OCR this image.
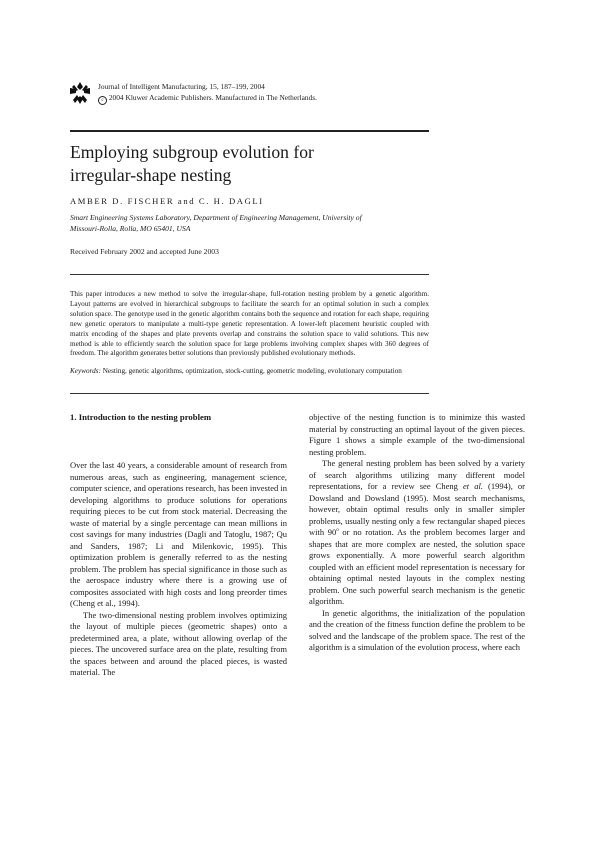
Journal of Intelligent Manufacturing, 15, 187–199, 2004
c 2004 Kluwer Academic Publishers. Manufactured in The Netherlands.
Employing subgroup evolution for
irregular-shape nesting
AMBER D. FISCHER and C. H. DAGLI
Smart Engineering Systems Laboratory, Department of Engineering Management, University of
Missouri-Rolla, Rolla, MO 65401, USA
Received February 2002 and accepted June 2003
This paper introduces a new method to solve the irregular-shape, full-rotation nesting problem by a genetic algorithm. Layout patterns are evolved in hierarchical subgroups to facilitate the search for an optimal solution in such a complex solution space. The genotype used in the genetic algorithm contains both the sequence and rotation for each shape, requiring new genetic operators to manipulate a multi-type genetic representation. A lower-left placement heuristic coupled with matrix encoding of the shapes and plate prevents overlap and constrains the solution space to valid solutions. This new method is able to efficiently search the solution space for large problems involving complex shapes with 360 degrees of freedom. The algorithm generates better solutions than previously published evolutionary methods.
Keywords: Nesting, genetic algorithms, optimization, stock-cutting, geometric modeling, evolutionary computation
1. Introduction to the nesting problem

Over the last 40 years, a considerable amount of research from numerous areas, such as engineering, management science, computer science, and operations research, has been invested in developing algorithms to produce solutions for operations requiring pieces to be cut from stock material. Decreasing the waste of material by a single percentage can mean millions in cost savings for many industries (Dagli and Tatoglu, 1987; Qu and Sanders, 1987; Li and Milenkovic, 1995). This optimization problem is generally referred to as the nesting problem. The problem has special significance in those such as the aerospace industry where there is a growing use of composites associated with high costs and long preorder times (Cheng et al., 1994).

The two-dimensional nesting problem involves optimizing the layout of multiple pieces (geometric shapes) onto a predetermined area, a plate, without allowing overlap of the pieces. The uncovered surface area on the plate, resulting from the spaces between and around the placed pieces, is wasted material. The

objective of the nesting function is to minimize this wasted material by constructing an optimal layout of the given pieces. Figure 1 shows a simple example of the two-dimensional nesting problem.

The general nesting problem has been solved by a variety of search algorithms utilizing many different model representations, for a review see Cheng et al. (1994), or Dowsland and Dowsland (1995). Most search mechanisms, however, obtain optimal results only in smaller simpler problems, usually nesting only a few rectangular shaped pieces with 90$^o$ or no rotation. As the problem becomes larger and shapes that are more complex are nested, the solution space grows exponentially. A more powerful search algorithm coupled with an efficient model representation is necessary for obtaining optimal nested layouts in the complex nesting problem. One such powerful search mechanism is the genetic algorithm.

In genetic algorithms, the initialization of the population and the creation of the fitness function define the problem to be solved and the landscape of the problem space. The rest of the algorithm is a simulation of the evolution process, where each
